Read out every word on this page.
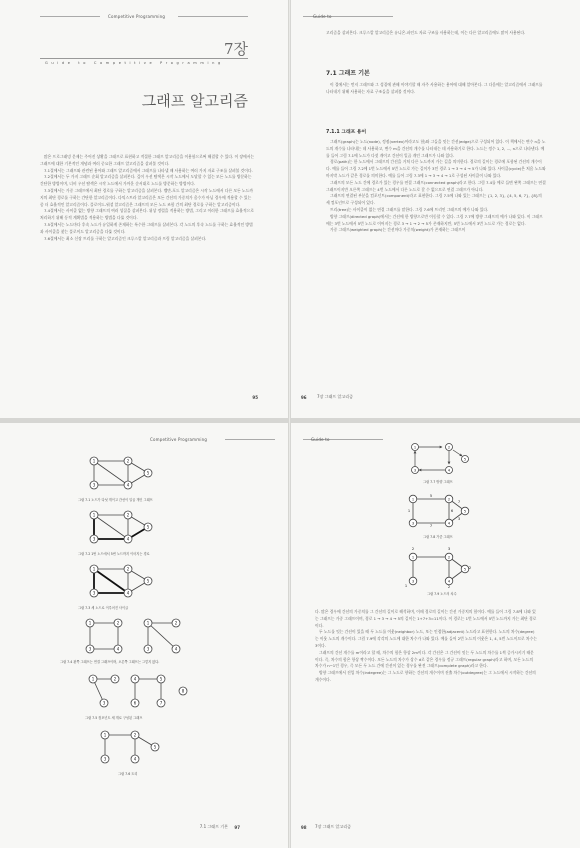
Competitive Programming
7장
Guide to Competitive Programming
그래프 알고리즘

많은 프로그래밍 문제는 주어진 상황을 그래프로 표현하고 적절한 그래프 알고리즘을 이용함으로써 해결할 수 있다. 이 장에서는 그래프에 대한 기본적인 개념과 여러 중요한 그래프 알고리즘을 살펴볼 것이다.

7.1절에서는 그래프와 관련된 용어와 그래프 알고리즘에서 그래프를 나타낼 때 사용하는 여러 가지 자료 구조를 살펴볼 것이다.

7.2절에서는 두 가지 그래프 순회 알고리즘을 살펴본다. 깊이 우선 탐색은 시작 노드에서 도달할 수 있는 모든 노드를 방문하는 간단한 방법이며, 너비 우선 탐색은 시작 노드에서 가까운 순서대로 노드를 방문하는 방법이다.

7.3절에서는 가중 그래프에서 최단 경로를 구하는 알고리즘을 살펴본다. 벨만-포드 알고리즘은 시작 노드에서 다른 모든 노드까지의 최단 경로를 구하는 간단한 알고리즘이다. 다익스트라 알고리즘은 모든 간선의 가중치가 음수가 아닐 경우에 적용할 수 있는 좀 더 효율적인 알고리즘이다. 플로이드-워셜 알고리즘은 그래프의 모든 노드 조합 간의 최단 경로를 구하는 알고리즘이다.

7.4절에서는 사이클 없는 방향 그래프의 여러 성질을 살펴본다. 위상 정렬을 적용하는 방법, 그리고 이러한 그래프를 효율적으로 처리하기 위해 동적 계획법을 적용하는 방법을 다룰 것이다.

7.5절에서는 노드마다 후속 노드가 유일하게 존재하는 특수한 그래프를 살펴본다. 각 노드의 후속 노드를 구하는 효율적인 방법과 사이클을 찾는 플로이드 알고리즘을 다룰 것이다.

7.6절에서는 최소 신장 트리를 구하는 알고리즘인 크루스칼 알고리즘과 프림 알고리즘을 살펴본다.

95
Guide to

고리즘을 살펴본다. 크루스칼 알고리즘은 유니온-파인드 자료 구조를 사용하는데, 이는 다른 알고리즘에도 많이 사용된다.

7.1 그래프 기본

이 절에서는 먼저 그래프와 그 성질에 관해 이야기할 때 자주 사용하는 용어에 대해 알아본다. 그 다음에는 알고리즘에서 그래프를 나타내기 위해 사용하는 자료 구조들을 살펴볼 것이다.

7.1.1 그래프 용어

그래프(graph)는 노드(node), 정점(vertex)이라고도 함)와 그들을 잇는 간선(edge)으로 구성되어 있다. 이 책에서는 변수 n을 노드의 개수를 나타내는 데 사용하고, 변수 m을 간선의 개수를 나타내는 데 사용하기로 한다. 노드는 정수 1, 2, ..., n으로 나타낸다. 예를 들어 그림 7.1에 노드가 다섯 개이고 간선이 일곱 개인 그래프가 나와 있다.

경로(path)는 한 노드에서 그래프의 간선을 거쳐 다른 노드까지 가는 길을 의미한다. 경로의 길이는 경로에 포함된 간선의 개수이다. 예를 들어 그림 7.2에 1번 노드에서 5번 노드로 가는 길이가 3인 경로 1 → 3 → 4 → 5가 나와 있다. 사이클(cycle)은 처음 노드와 마지막 노드가 같은 경로를 의미한다. 예를 들어 그림 7.3에 1 → 3 → 4 → 1로 구성된 사이클이 나와 있다.

그래프의 모든 노드 간에 경로가 있는 경우를 연결 그래프(connected graph)라고 한다. 그림 7.4를 예로 들면 왼쪽 그래프는 연결 그래프이지만 오른쪽 그래프는 4번 노드에서 다른 노드로 갈 수 없으므로 연결 그래프가 아니다.

그래프의 연결된 부분을 컴포넌트(component)라고 표현한다. 그림 7.5에 나와 있는 그래프는 {1, 2, 3}, {4, 5, 6, 7}, {8}의 세 컴포넌트로 구성되어 있다.

트리(tree)는 사이클이 없는 연결 그래프를 말한다. 그림 7.6에 트리인 그래프의 예가 나와 있다.

방향 그래프(directed graph)에서는 간선에 한 방향으로만 이동할 수 있다. 그림 7.7에 방향 그래프의 예가 나와 있다. 이 그래프에는 3번 노드에서 5번 노드로 이어지는 경로 3 → 1 → 2 → 5가 존재하지만, 5번 노드에서 3번 노드로 가는 경로는 없다.

가중 그래프(weighted graph)는 간선마다 가중치(weight)가 존재하는 그래프이

96	7장 그래프 알고리즘
Competitive Programming
1	2
3	4
5
그림 7.1 노드가 다섯 개이고 간선이 일곱 개인 그래프
1	2
3	4
5
그림 7.2 1번 노드에서 5번 노드까지 이어지는 경로
1	2
3	4
5
그림 7.3 세 노드로 이루어진 사이클
1	2
3	4
1	2
3	4
그림 7.4 왼쪽 그래프는 연결 그래프이며, 오른쪽 그래프는 그렇지 않다.
1	2
3
4	5
6	7
8
그림 7.5 컴포넌트 세 개로 구성된 그래프
1	2
3	4
5
그림 7.6 트리
7.1 그래프 기본 97
Guide to
1	2
3	4
5
그림 7.7 방향 그래프
1	2
3	4
5
5
1
7
6
7
3
그림 7.8 가중 그래프
1	2
3	4
5
2	3
1	2
2
그림 7.9 노드의 차수

다. 많은 경우에 간선의 가중치를 그 간선의 길이로 해석하며, 이때 경로의 길이는 간선 가중치의 합이다. 예를 들어 그림 7.8에 나와 있는 그래프는 가중 그래프이며, 경로 1 → 3 → 4 → 5의 길이는 1+7+3=11이다. 이 경로는 1번 노드에서 5번 노드까지 가는 최단 경로이다.

두 노드를 잇는 간선이 있을 때 두 노드를 이웃(neighbor) 노드, 또는 인접한(adjacent) 노드라고 표현한다. 노드의 차수(degree)는 이웃 노드의 개수이다. 그림 7.9에 각각의 노드에 대한 차수가 나와 있다. 예를 들어 2번 노드의 이웃은 1, 4, 5번 노드이므로 차수는 3이다.

그래프의 간선 개수를 m이라고 할 때, 차수의 합은 항상 2m이다. 각 간선은 그 간선이 잇는 두 노드의 차수를 1씩 증가시키기 때문이다. 즉, 차수의 합은 항상 짝수이다. 모든 노드의 차수가 상수 d로 같은 경우를 정규 그래프(regular graph)라고 하며, 모든 노드의 차수가 n−1인 경우, 즉 모든 두 노드 간에 간선이 있는 경우를 완전 그래프(complete graph)라고 한다.

방향 그래프에서 진입 차수(indegree)는 그 노드로 향하는 간선의 개수이며 진출 차수(outdegree)는 그 노드에서 시작하는 간선의 개수이다.

98 7장 그래프 알고리즘
